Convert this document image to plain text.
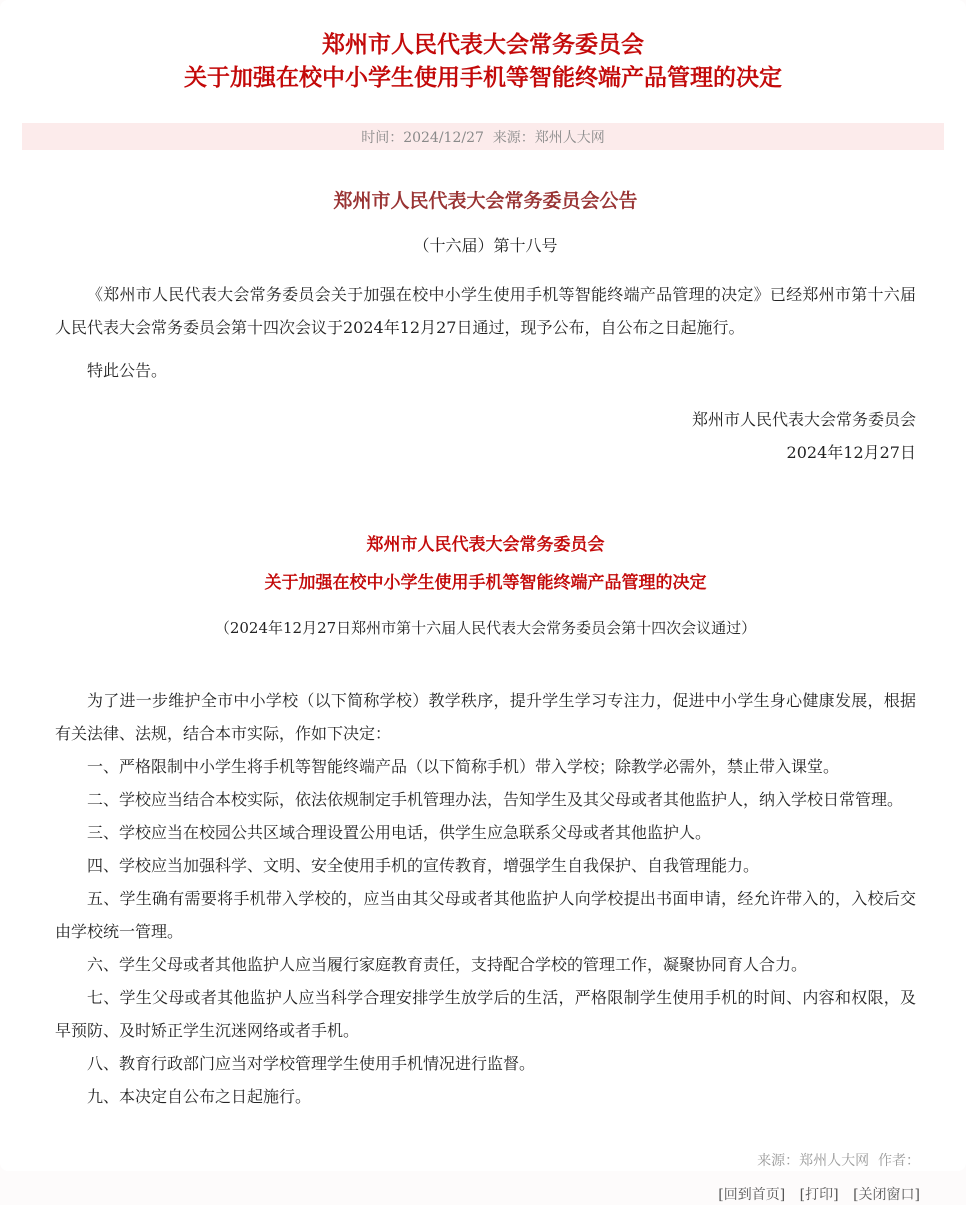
郑州市人民代表大会常务委员会
关于加强在校中小学生使用手机等智能终端产品管理的决定
时间：2024/12/27  来源：郑州人大网
郑州市人民代表大会常务委员会公告

（十六届）第十八号

《郑州市人民代表大会常务委员会关于加强在校中小学生使用手机等智能终端产品管理的决定》已经郑州市第十六届人民代表大会常务委员会第十四次会议于2024年12月27日通过，现予公布，自公布之日起施行。

特此公告。

郑州市人民代表大会常务委员会

2024年12月27日

郑州市人民代表大会常务委员会
关于加强在校中小学生使用手机等智能终端产品管理的决定

（2024年12月27日郑州市第十六届人民代表大会常务委员会第十四次会议通过）

为了进一步维护全市中小学校（以下简称学校）教学秩序，提升学生学习专注力，促进中小学生身心健康发展，根据有关法律、法规，结合本市实际，作如下决定：

一、严格限制中小学生将手机等智能终端产品（以下简称手机）带入学校；除教学必需外，禁止带入课堂。

二、学校应当结合本校实际，依法依规制定手机管理办法，告知学生及其父母或者其他监护人，纳入学校日常管理。

三、学校应当在校园公共区域合理设置公用电话，供学生应急联系父母或者其他监护人。

四、学校应当加强科学、文明、安全使用手机的宣传教育，增强学生自我保护、自我管理能力。

五、学生确有需要将手机带入学校的，应当由其父母或者其他监护人向学校提出书面申请，经允许带入的，入校后交由学校统一管理。

六、学生父母或者其他监护人应当履行家庭教育责任，支持配合学校的管理工作，凝聚协同育人合力。

七、学生父母或者其他监护人应当科学合理安排学生放学后的生活，严格限制学生使用手机的时间、内容和权限，及早预防、及时矫正学生沉迷网络或者手机。

八、教育行政部门应当对学校管理学生使用手机情况进行监督。

九、本决定自公布之日起施行。

来源：郑州人大网  作者：

[回到首页] [打印] [关闭窗口]
